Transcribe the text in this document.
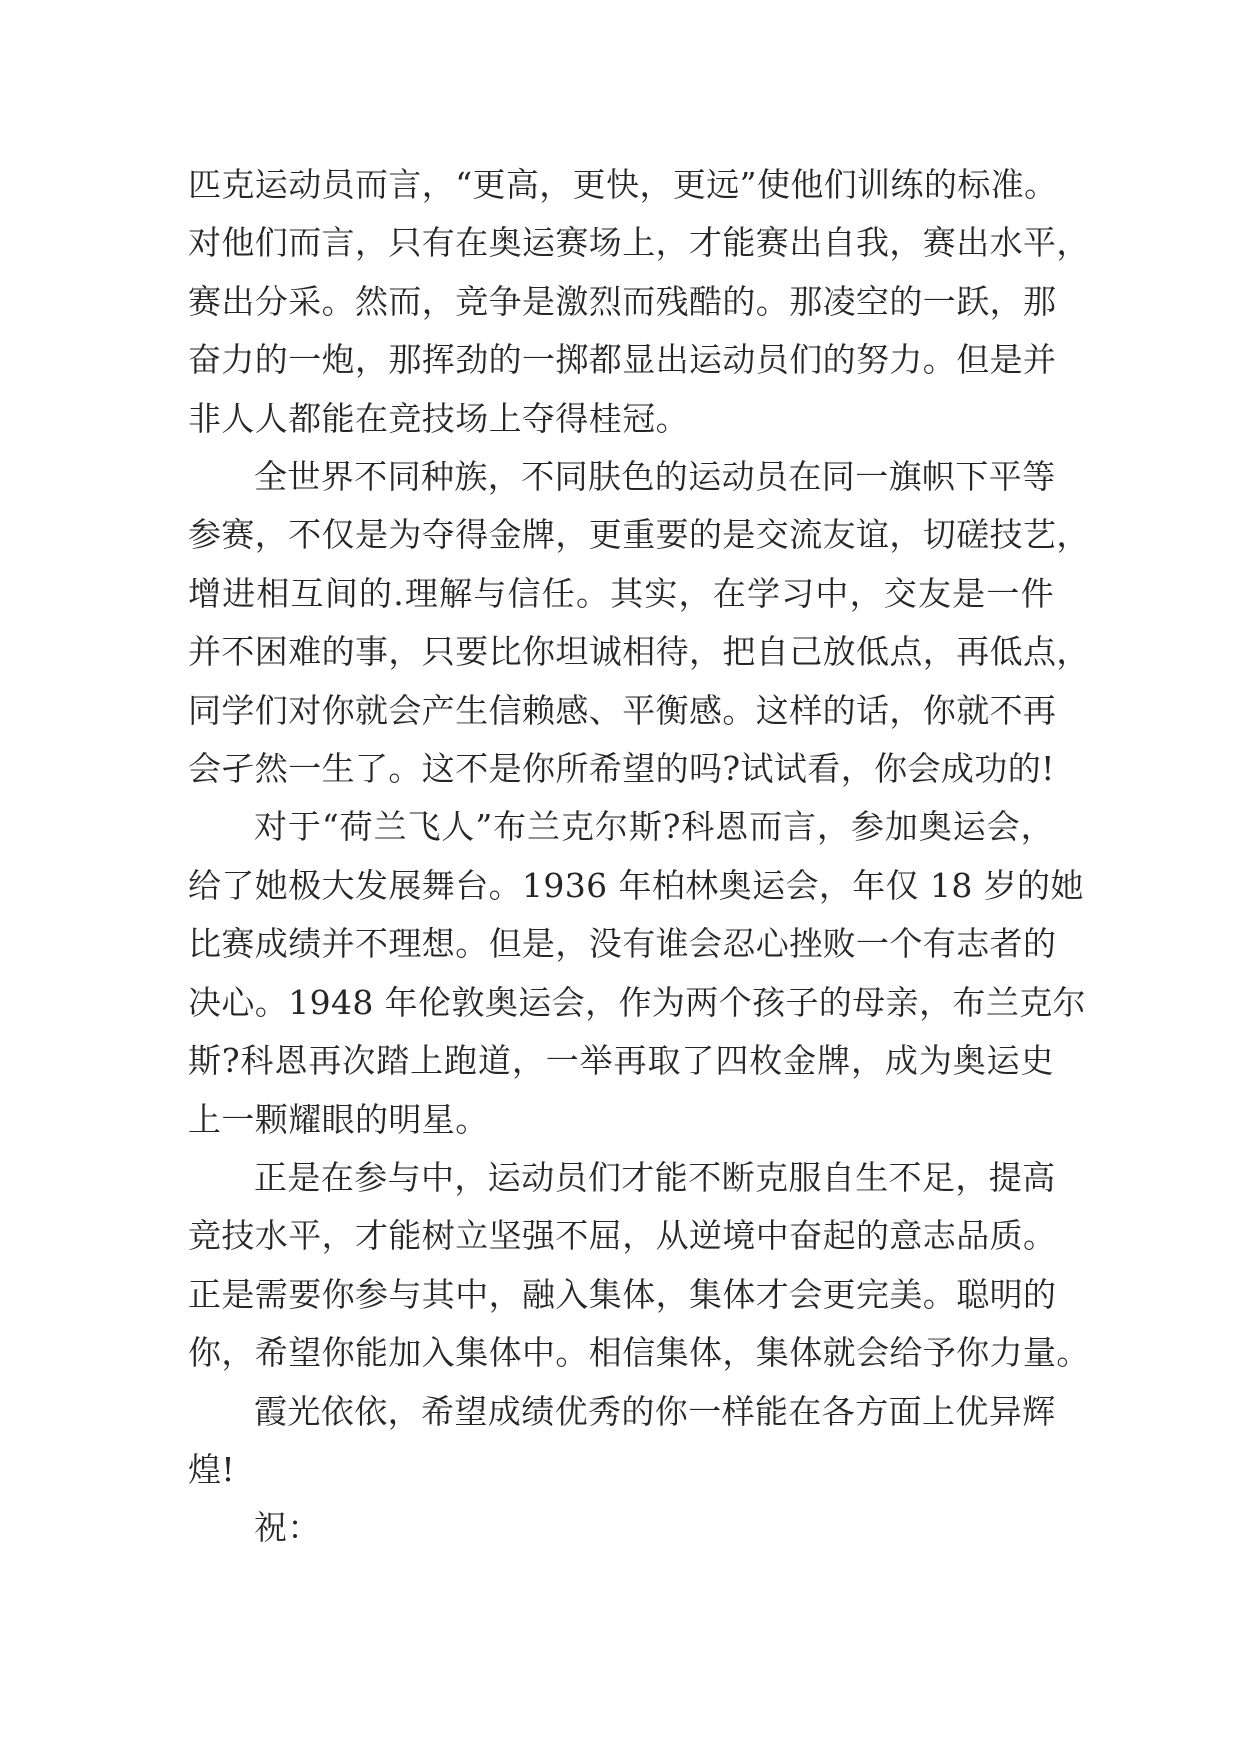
匹克运动员而言，“更高，更快，更远”使他们训练的标准。
对他们而言，只有在奥运赛场上，才能赛出自我，赛出水平，
赛出分采。然而，竞争是激烈而残酷的。那凌空的一跃，那
奋力的一炮，那挥劲的一掷都显出运动员们的努力。但是并
非人人都能在竞技场上夺得桂冠。

全世界不同种族，不同肤色的运动员在同一旗帜下平等
参赛，不仅是为夺得金牌，更重要的是交流友谊，切磋技艺，
增进相互间的.理解与信任。其实，在学习中，交友是一件
并不困难的事，只要比你坦诚相待，把自己放低点，再低点，
同学们对你就会产生信赖感、平衡感。这样的话，你就不再
会孑然一生了。这不是你所希望的吗?试试看，你会成功的!

对于“荷兰飞人”布兰克尔斯?科恩而言，参加奥运会，
给了她极大发展舞台。1936 年柏林奥运会，年仅 18 岁的她
比赛成绩并不理想。但是，没有谁会忍心挫败一个有志者的
决心。1948 年伦敦奥运会，作为两个孩子的母亲，布兰克尔
斯?科恩再次踏上跑道，一举再取了四枚金牌，成为奥运史
上一颗耀眼的明星。

正是在参与中，运动员们才能不断克服自生不足，提高
竞技水平，才能树立坚强不屈，从逆境中奋起的意志品质。
正是需要你参与其中，融入集体，集体才会更完美。聪明的
你，希望你能加入集体中。相信集体，集体就会给予你力量。

霞光依依，希望成绩优秀的你一样能在各方面上优异辉
煌!

祝：
